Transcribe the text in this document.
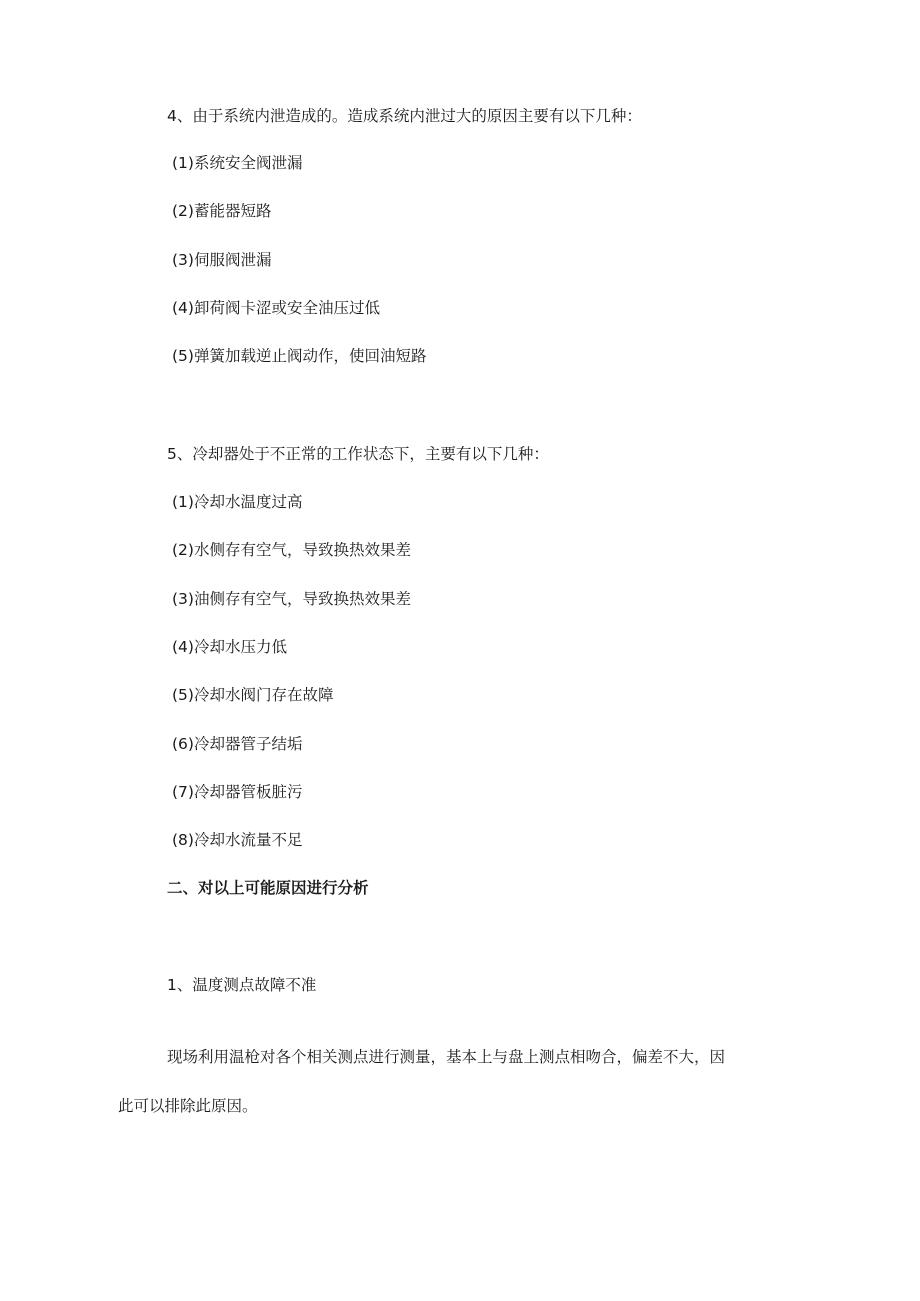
4、由于系统内泄造成的。造成系统内泄过大的原因主要有以下几种：
(1)系统安全阀泄漏
(2)蓄能器短路
(3)伺服阀泄漏
(4)卸荷阀卡涩或安全油压过低
(5)弹簧加载逆止阀动作，使回油短路
5、冷却器处于不正常的工作状态下，主要有以下几种：
(1)冷却水温度过高
(2)水侧存有空气，导致换热效果差
(3)油侧存有空气，导致换热效果差
(4)冷却水压力低
(5)冷却水阀门存在故障
(6)冷却器管子结垢
(7)冷却器管板脏污
(8)冷却水流量不足
二、对以上可能原因进行分析
1、温度测点故障不准
现场利用温枪对各个相关测点进行测量，基本上与盘上测点相吻合，偏差不大，因
此可以排除此原因。
